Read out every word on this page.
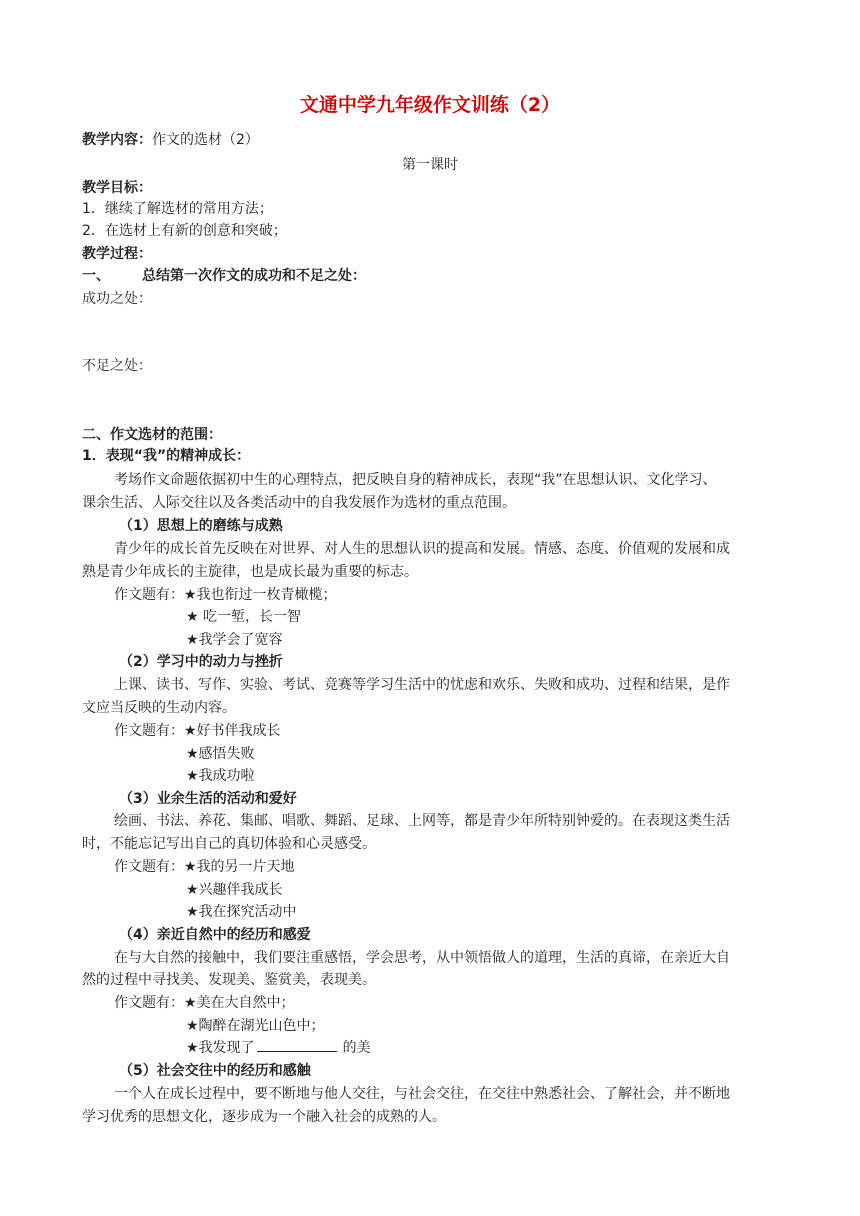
文通中学九年级作文训练（2）
教学内容：作文的选材（2）
第一课时
教学目标：
1．继续了解选材的常用方法；
2．在选材上有新的创意和突破；
教学过程：
一、 总结第一次作文的成功和不足之处：
成功之处：
不足之处：
二、作文选材的范围：
1．表现“我”的精神成长：
考场作文命题依据初中生的心理特点，把反映自身的精神成长，表现“我”在思想认识、文化学习、
课余生活、人际交往以及各类活动中的自我发展作为选材的重点范围。
（1）思想上的磨练与成熟
青少年的成长首先反映在对世界、对人生的思想认识的提高和发展。情感、态度、价值观的发展和成
熟是青少年成长的主旋律，也是成长最为重要的标志。
作文题有：★我也衔过一枚青橄榄；
★ 吃一堑，长一智
★我学会了宽容
（2）学习中的动力与挫折
上课、读书、写作、实验、考试、竞赛等学习生活中的忧虑和欢乐、失败和成功、过程和结果，是作
文应当反映的生动内容。
作文题有：★好书伴我成长
★感悟失败
★我成功啦
（3）业余生活的活动和爱好
绘画、书法、养花、集邮、唱歌、舞蹈、足球、上网等，都是青少年所特别钟爱的。在表现这类生活
时，不能忘记写出自己的真切体验和心灵感受。
作文题有：★我的另一片天地
★兴趣伴我成长
★我在探究活动中
（4）亲近自然中的经历和感爱
在与大自然的接触中，我们要注重感悟，学会思考，从中领悟做人的道理，生活的真谛，在亲近大自
然的过程中寻找美、发现美、鉴赏美，表现美。
作文题有：★美在大自然中；
★陶醉在湖光山色中；
★我发现了	的美
（5）社会交往中的经历和感触
一个人在成长过程中，要不断地与他人交往，与社会交往，在交往中熟悉社会、了解社会，并不断地
学习优秀的思想文化，逐步成为一个融入社会的成熟的人。
